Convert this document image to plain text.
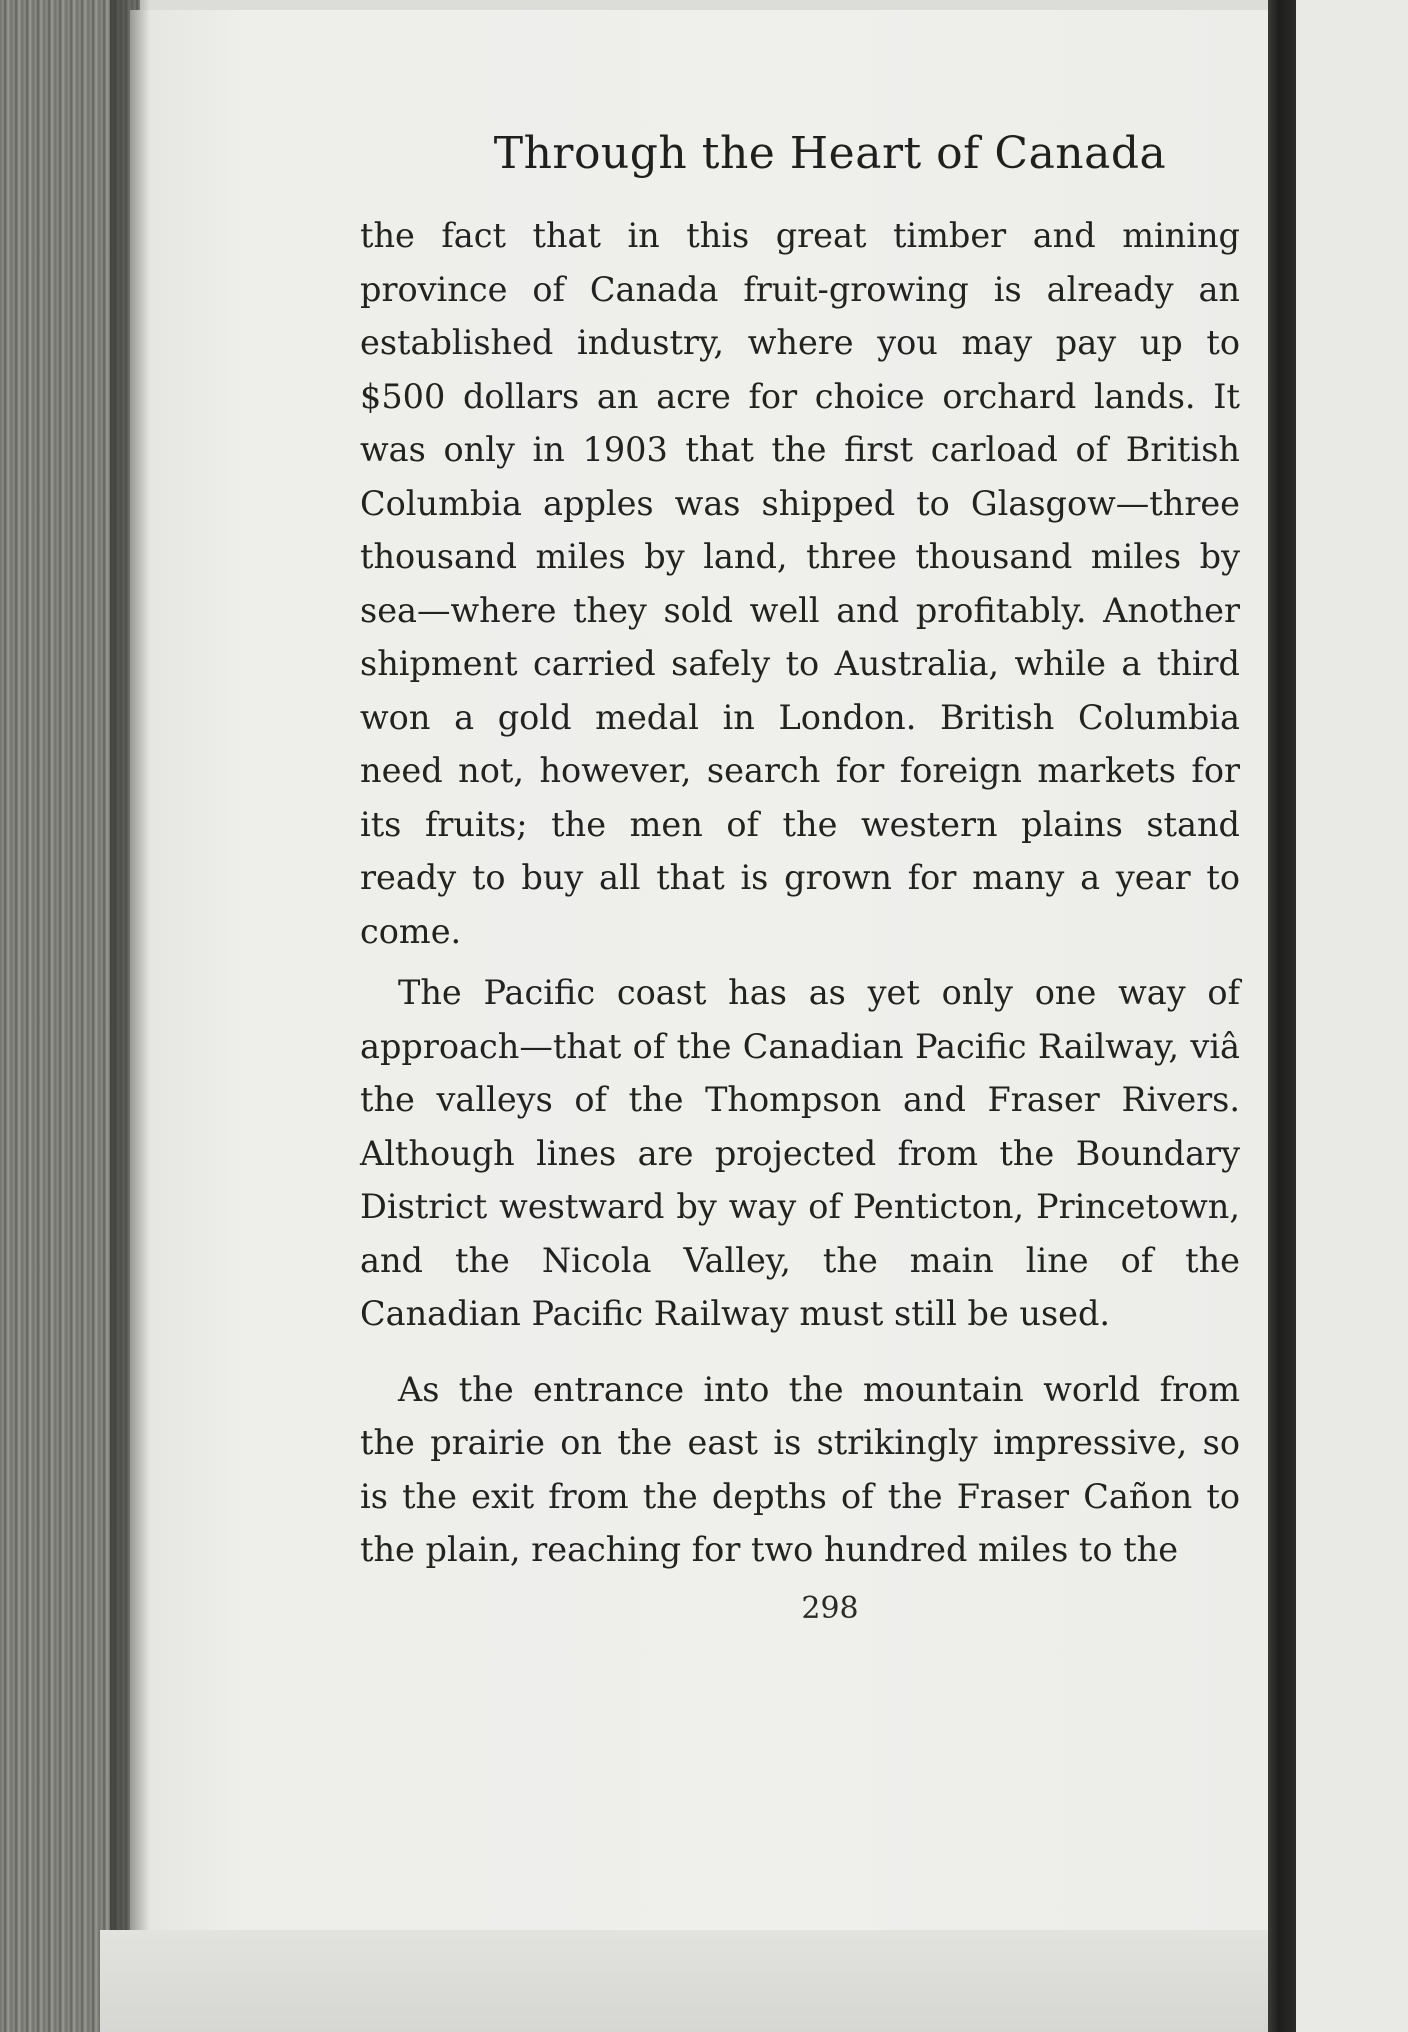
Through the Heart of Canada

the fact that in this great timber and mining province of Canada fruit-growing is already an established industry, where you may pay up to $500 dollars an acre for choice orchard lands. It was only in 1903 that the first carload of British Columbia apples was shipped to Glasgow—three thousand miles by land, three thousand miles by sea—where they sold well and profitably. Another shipment carried safely to Australia, while a third won a gold medal in London. British Columbia need not, however, search for foreign markets for its fruits; the men of the western plains stand ready to buy all that is grown for many a year to come.

The Pacific coast has as yet only one way of approach—that of the Canadian Pacific Railway, viâ the valleys of the Thompson and Fraser Rivers. Although lines are projected from the Boundary District westward by way of Penticton, Princetown, and the Nicola Valley, the main line of the Canadian Pacific Railway must still be used.

As the entrance into the mountain world from the prairie on the east is strikingly impressive, so is the exit from the depths of the Fraser Cañon to the plain, reaching for two hundred miles to the

298
